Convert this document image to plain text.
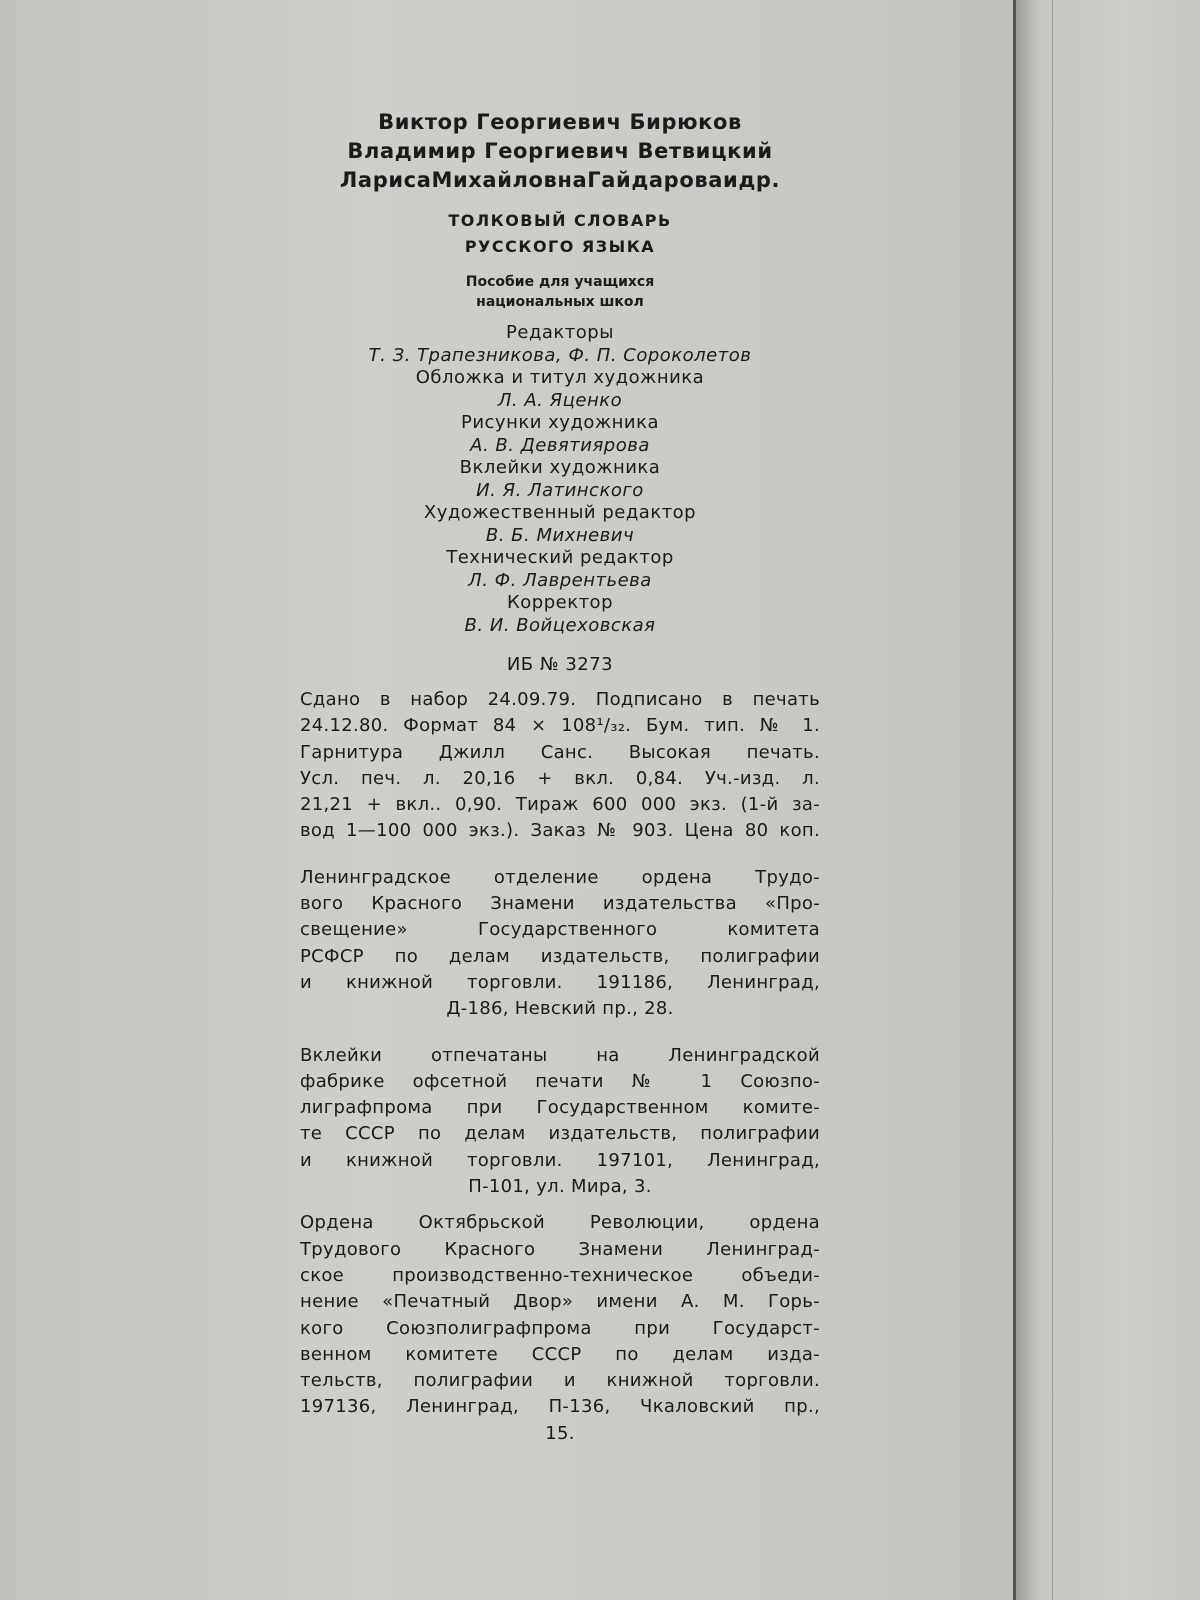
Виктор Георгиевич Бирюков
Владимир Георгиевич Ветвицкий
ЛарисаМихайловнаГайдароваидр.
ТОЛКОВЫЙ СЛОВАРЬ
РУССКОГО ЯЗЫКА
Пособие для учащихся
национальных школ
Редакторы
Т. З. Трапезникова, Ф. П. Сороколетов
Обложка и титул художника
Л. А. Яценко
Рисунки художника
А. В. Девятиярова
Вклейки художника
И. Я. Латинского
Художественный редактор
В. Б. Михневич
Технический редактор
Л. Ф. Лаврентьева
Корректор
В. И. Войцеховская
ИБ № 3273
Сдано в набор 24.09.79. Подписано в печать
24.12.80. Формат 84 × 108¹/₃₂. Бум. тип. № 1.
Гарнитура Джилл Санс. Высокая печать.
Усл. печ. л. 20,16 + вкл. 0,84. Уч.-изд. л.
21,21 + вкл.. 0,90. Тираж 600 000 экз. (1-й за-
вод 1—100 000 экз.). Заказ № 903. Цена 80 коп.
Ленинградское отделение ордена Трудо-
вого Красного Знамени издательства «Про-
свещение» Государственного комитета
РСФСР по делам издательств, полиграфии
и книжной торговли. 191186, Ленинград,
Д-186, Невский пр., 28.
Вклейки отпечатаны на Ленинградской
фабрике офсетной печати № 1 Союзпо-
лиграфпрома при Государственном комите-
те СССР по делам издательств, полиграфии
и книжной торговли. 197101, Ленинград,
П-101, ул. Мира, 3.
Ордена Октябрьской Революции, ордена
Трудового Красного Знамени Ленинград-
ское производственно-техническое объеди-
нение «Печатный Двор» имени А. М. Горь-
кого Союзполиграфпрома при Государст-
венном комитете СССР по делам изда-
тельств, полиграфии и книжной торговли.
197136, Ленинград, П-136, Чкаловский пр.,
15.
